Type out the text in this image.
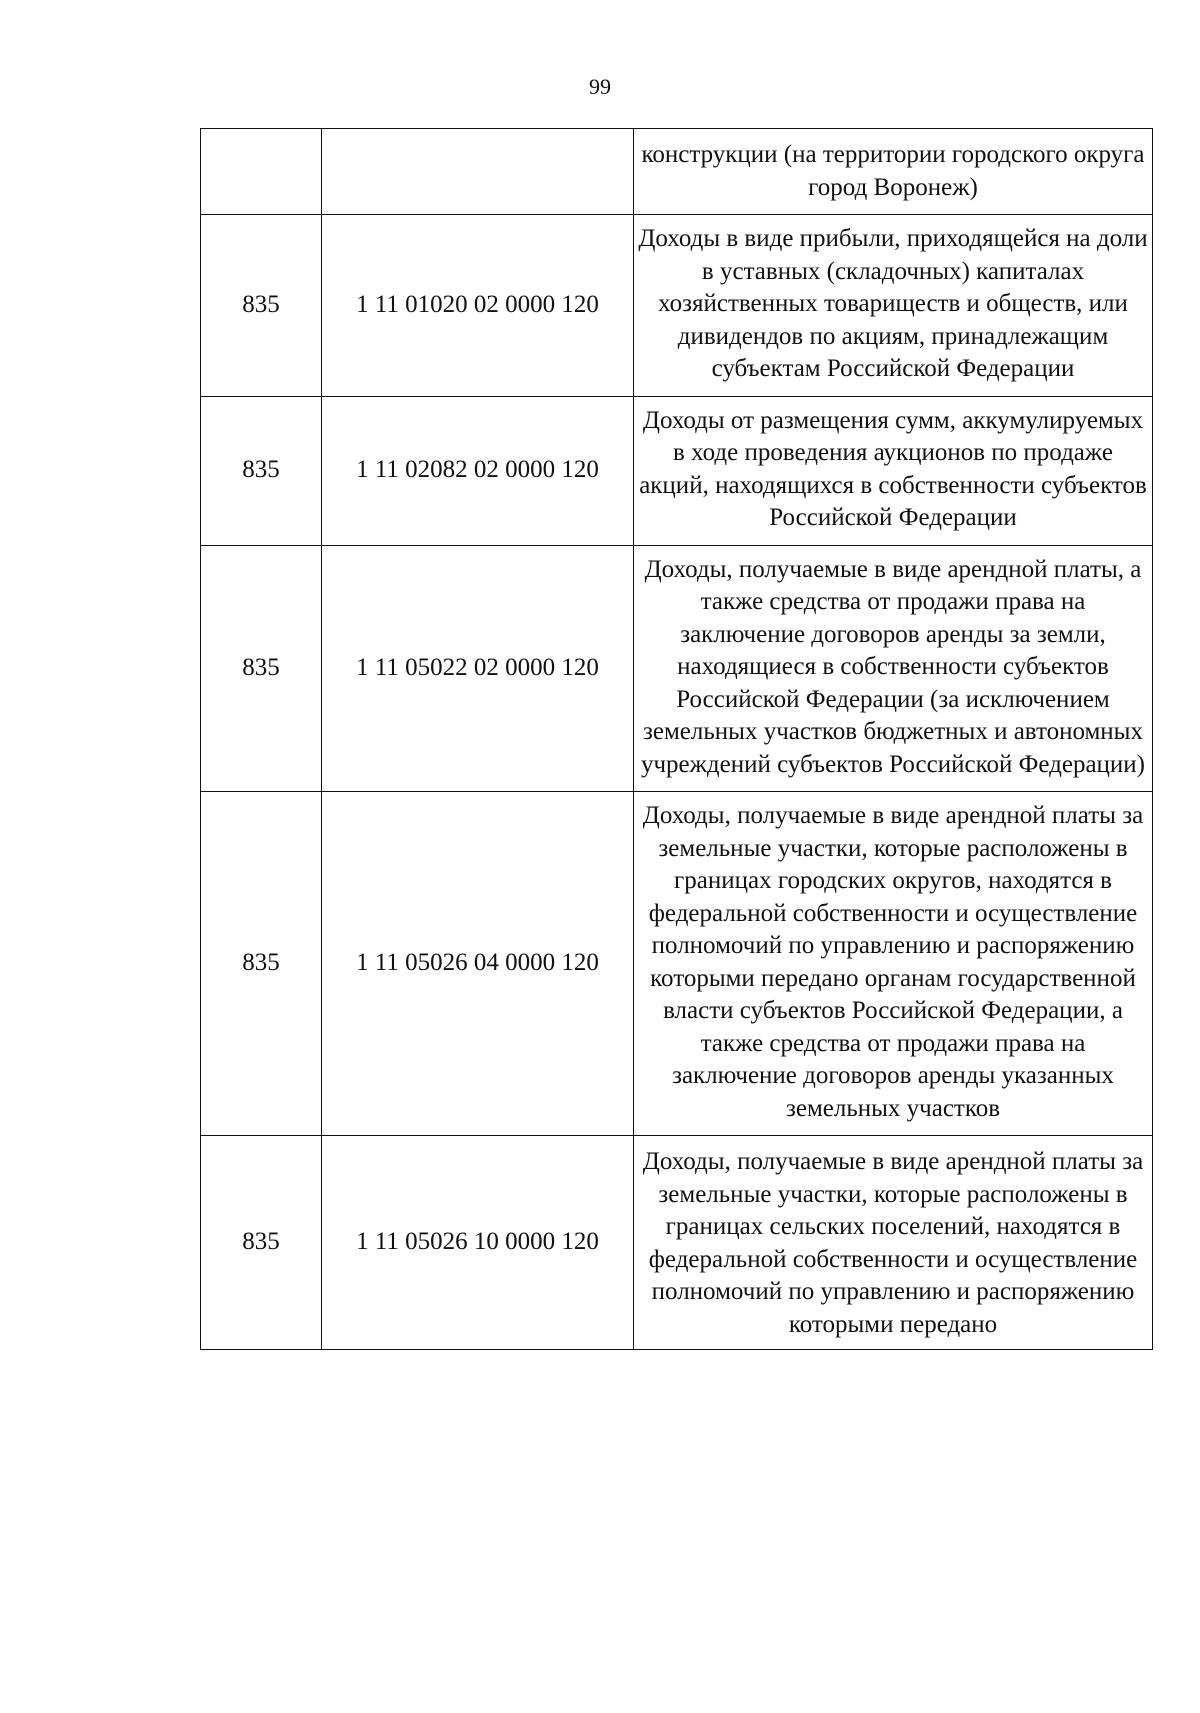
99
		конструкции (на территории городского округа город Воронеж)
835	1 11 01020 02 0000 120	Доходы в виде прибыли, приходящейся на доли в уставных (складочных) капиталах хозяйственных товариществ и обществ, или дивидендов по акциям, принадлежащим субъектам Российской Федерации
835	1 11 02082 02 0000 120	Доходы от размещения сумм, аккумулируемых в ходе проведения аукционов по продаже акций, находящихся в собственности субъектов Российской Федерации
835	1 11 05022 02 0000 120	Доходы, получаемые в виде арендной платы, а также средства от продажи права на заключение договоров аренды за земли, находящиеся в собственности субъектов Российской Федерации (за исключением земельных участков бюджетных и автономных учреждений субъектов Российской Федерации)
835	1 11 05026 04 0000 120	Доходы, получаемые в виде арендной платы за земельные участки, которые расположены в границах городских округов, находятся в федеральной собственности и осуществление полномочий по управлению и распоряжению которыми передано органам государственной власти субъектов Российской Федерации, а также средства от продажи права на заключение договоров аренды указанных земельных участков
835	1 11 05026 10 0000 120	Доходы, получаемые в виде арендной платы за земельные участки, которые расположены в границах сельских поселений, находятся в федеральной собственности и осуществление полномочий по управлению и распоряжению которыми передано
